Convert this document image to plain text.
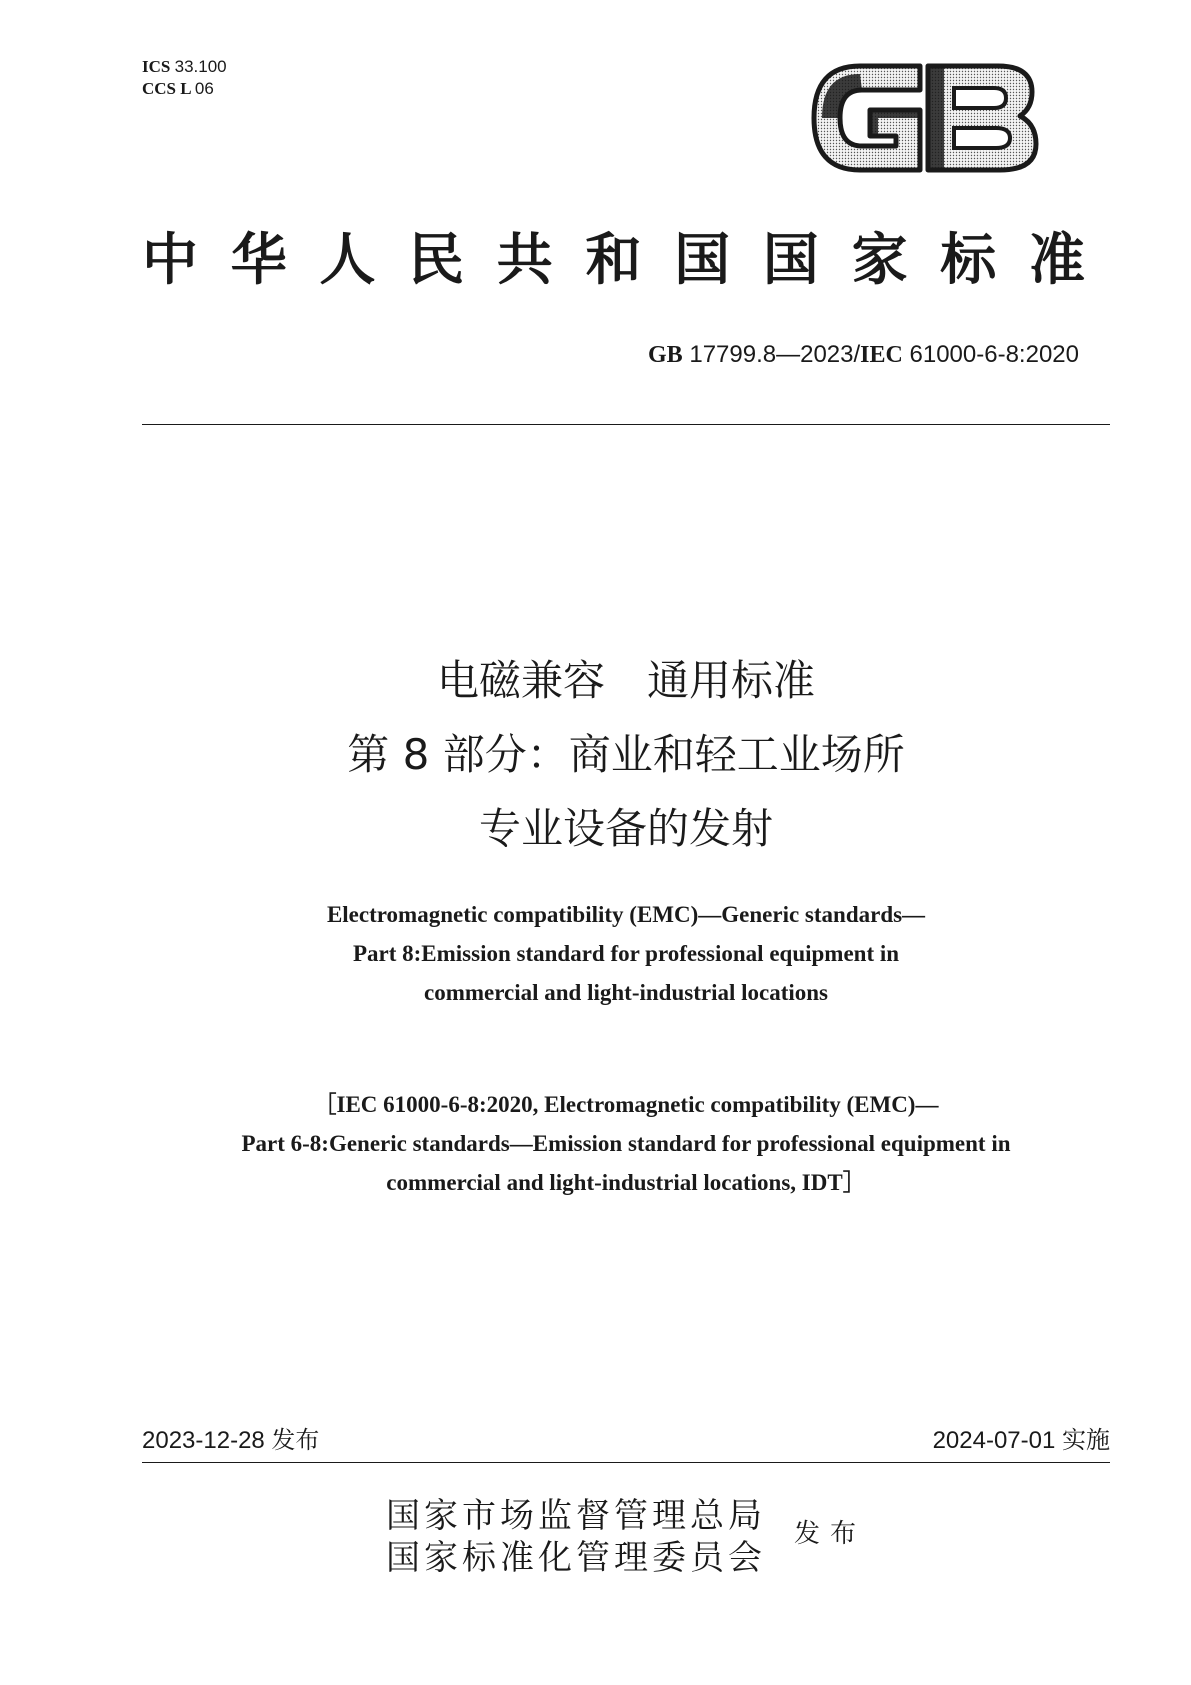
ICS 33.100
CCS L 06
中华人民共和国国家标准
GB 17799.8—2023/IEC 61000-6-8:2020
电磁兼容　通用标准
第 8 部分：商业和轻工业场所
专业设备的发射
Electromagnetic compatibility (EMC)—Generic standards—
Part 8:Emission standard for professional equipment in
commercial and light-industrial locations
［IEC 61000-6-8:2020, Electromagnetic compatibility (EMC)—
Part 6-8:Generic standards—Emission standard for professional equipment in
commercial and light-industrial locations, IDT］
2023-12-28 发布	2024-07-01 实施
国家市场监督管理总局
国家标准化管理委员会
发布
